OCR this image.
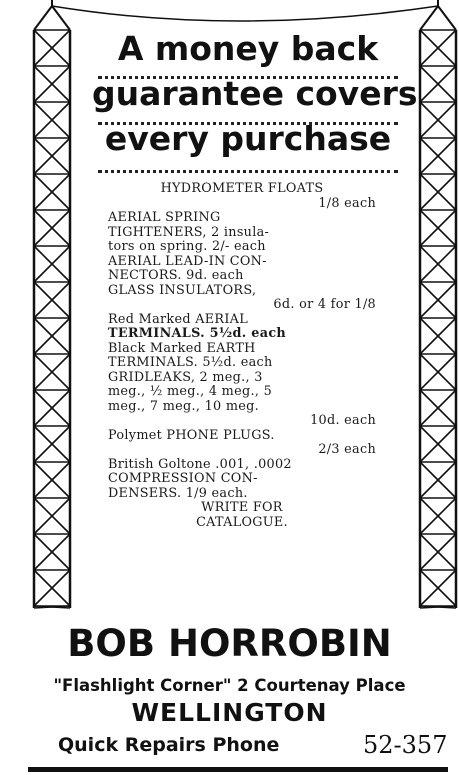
A money back
guarantee covers
every purchase
HYDROMETER FLOATS
1/8 each
AERIAL SPRING
TIGHTENERS, 2 insula-
tors on spring. 2/- each
AERIAL LEAD-IN CON-
NECTORS. 9d. each
GLASS INSULATORS,
6d. or 4 for 1/8
Red Marked AERIAL
TERMINALS. 5½d. each
Black Marked EARTH
TERMINALS. 5½d. each
GRIDLEAKS, 2 meg., 3
meg., ½ meg., 4 meg., 5
meg., 7 meg., 10 meg.
10d. each
Polymet PHONE PLUGS.
2/3 each
British Goltone .001, .0002
COMPRESSION CON-
DENSERS. 1/9 each.
WRITE FOR
CATALOGUE.
BOB HORROBIN
"Flashlight Corner" 2 Courtenay Place
WELLINGTON
Quick Repairs Phone	52-357
